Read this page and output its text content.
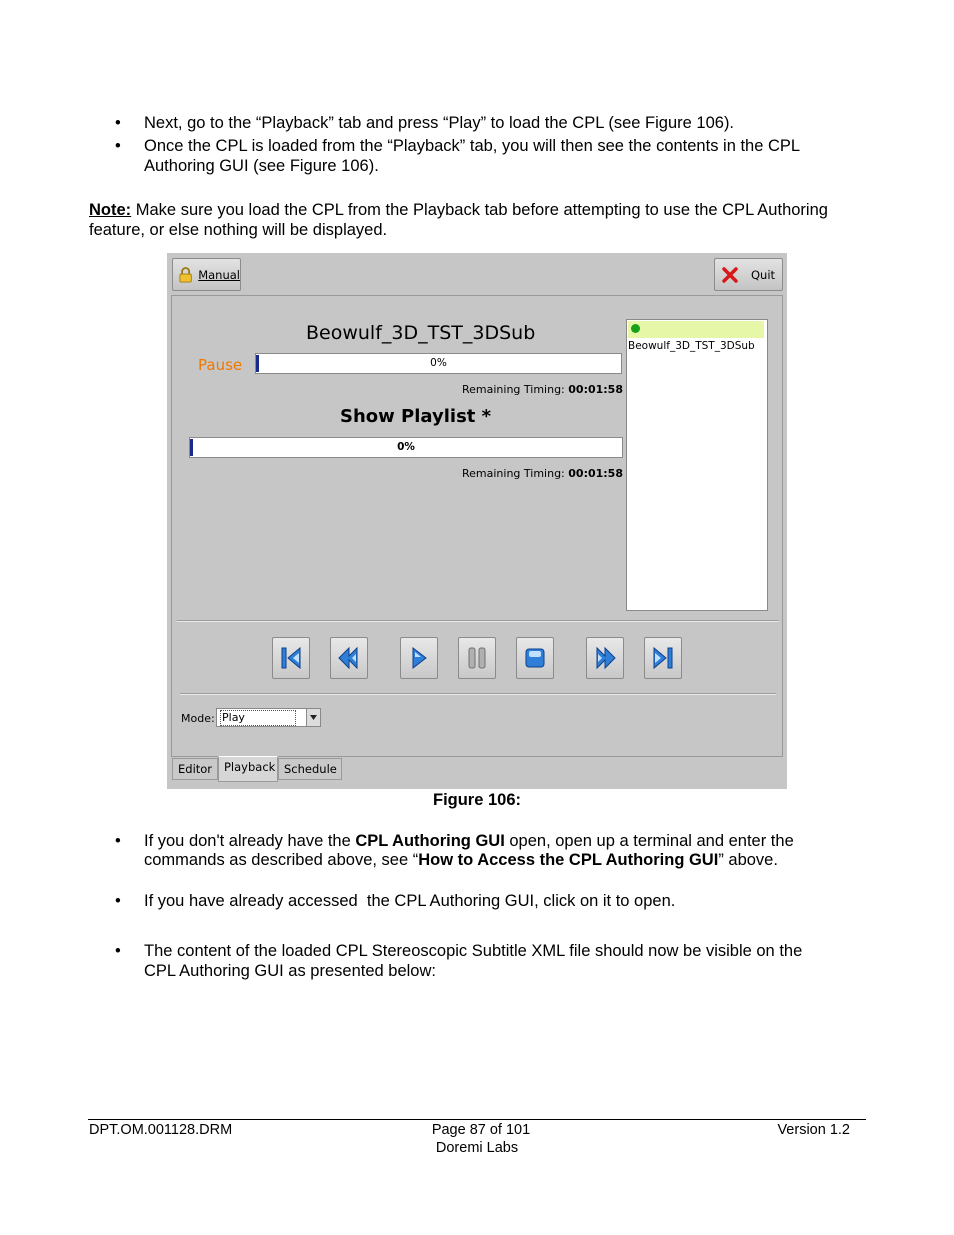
• Next, go to the “Playback” tab and press “Play” to load the CPL (see Figure 106).
• Once the CPL is loaded from the “Playback” tab, you will then see the contents in the CPL
Authoring GUI (see Figure 106).
Note: Make sure you load the CPL from the Playback tab before attempting to use the CPL Authoring
feature, or else nothing will be displayed.
Manual	Quit
Beowulf_3D_TST_3DSub
Pause	0%
Remaining Timing: 00:01:58
Show Playlist *
0%
Remaining Timing: 00:01:58
Beowulf_3D_TST_3DSub
Mode: Play
Editor	Playback Schedule
Figure 106:
• If you don't already have the CPL Authoring GUI open, open up a terminal and enter the
commands as described above, see “How to Access the CPL Authoring GUI” above.
• If you have already accessed  the CPL Authoring GUI, click on it to open.
• The content of the loaded CPL Stereoscopic Subtitle XML file should now be visible on the
CPL Authoring GUI as presented below:
DPT.OM.001128.DRM	Page 87 of 101
Doremi Labs
Version 1.2
